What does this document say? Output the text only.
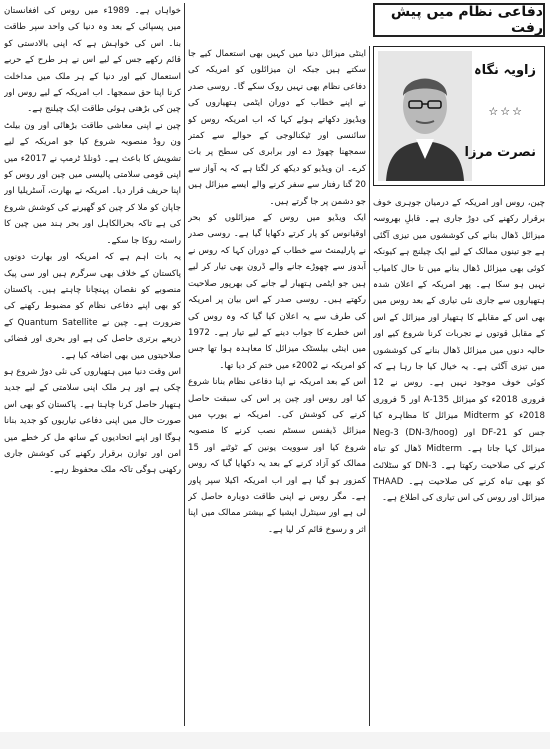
دفاعی نظام میں پیش رفت
زاویہ نگاہ
☆☆☆
نصرت مرزا

چین، روس اور امریکہ کے درمیان جوہری خوف برقرار رکھنے کی دوڑ جاری ہے۔ قابلِ بھروسہ میزائل ڈھال بنانے کی کوششوں میں تیزی آگئی ہے جو تینوں ممالک کے لیے ایک چیلنج ہے کیونکہ کوئی بھی میزائل ڈھال بنانے میں تا حال کامیاب نہیں ہو سکا ہے۔ پھر امریکہ کے اعلان شدہ ہتھیاروں سے جاری نئی تیاری کے بعد روس میں بھی اس کے مقابلے کا ہتھیار اور میزائل کے اس کے مقابل قوتوں نے تجربات کرنا شروع کیے اور حالیہ دنوں میں میزائل ڈھال بنانے کی کوششوں میں تیزی آگئی ہے۔ یہ خیال کیا جا رہا ہے کہ کوئی خوف موجود نہیں ہے۔ روس نے 12 فروری 2018ء کو میزائل A-135 اور 5 فروری 2018ء کو Midterm میزائل کا مظاہرہ کیا جس کو DF-21 اور Neg-3 (DN-3/hoog) میزائل کہا جاتا ہے۔ Midterm ڈھال کو تباہ کرنے کی صلاحیت رکھتا ہے۔ DN-3 کو سٹلائٹ کو بھی تباہ کرنے کی صلاحیت ہے۔ THAAD میزائل اور روس کی اس تیاری کی اطلاع ہے۔

اینٹی میزائل دنیا میں کہیں بھی استعمال کیے جا سکتے ہیں جبکہ ان میزائلوں کو امریکہ کی دفاعی نظام بھی نہیں روک سکے گا۔ روسی صدر نے اپنے خطاب کے دوران ایٹمی ہتھیاروں کی ویڈیوز دکھاتے ہوئے کہا کہ اب امریکہ روس کو سائنسی اور ٹیکنالوجی کے حوالے سے کمتر سمجھنا چھوڑ دے اور برابری کی سطح پر بات کرے۔ ان ویڈیو کو دیکھ کر لگتا ہے کہ یہ آواز سے 20 گنا رفتار سے سفر کرنے والے ایسے میزائل ہیں جو دشمن پر جا گرتے ہیں۔

ایک ویڈیو میں روس کے میزائلوں کو بحر اوقیانوس کو پار کرتے دکھایا گیا ہے۔ روسی صدر نے پارلیمنٹ سے خطاب کے دوران کہا کہ روس نے آبدوز سے چھوڑے جانے والے ڈرون بھی تیار کر لیے ہیں جو ایٹمی ہتھیار لے جانے کی بھرپور صلاحیت رکھتے ہیں۔ روسی صدر کے اس بیان پر امریکہ کی طرف سے یہ اعلان کیا گیا کہ وہ روس کی اس خطرے کا جواب دینے کے لیے تیار ہے۔ 1972 میں اینٹی بیلسٹک میزائل کا معاہدہ ہوا تھا جس کو امریکہ نے 2002ء میں ختم کر دیا تھا۔

اس کے بعد امریکہ نے اپنا دفاعی نظام بنانا شروع کیا اور روس اور چین پر اس کی سبقت حاصل کرنے کی کوشش کی۔ امریکہ نے یورپ میں میزائل ڈیفنس سسٹم نصب کرنے کا منصوبہ شروع کیا اور سوویت یونین کے ٹوٹنے اور 15 ممالک کو آزاد کرنے کے بعد یہ دکھایا گیا کہ روس کمزور ہو گیا ہے اور اب امریکہ اکیلا سپر پاور ہے۔ مگر روس نے اپنی طاقت دوبارہ حاصل کر لی ہے اور سینٹرل ایشیا کے بیشتر ممالک میں اپنا اثر و رسوخ قائم کر لیا ہے۔

خواہاں ہے۔ 1989ء میں روس کی افغانستان میں پسپائی کے بعد وہ دنیا کی واحد سپر طاقت بنا۔ اس کی خواہش ہے کہ اپنی بالادستی کو قائم رکھے جس کے لیے اس نے ہر طرح کے حربے استعمال کیے اور دنیا کے ہر ملک میں مداخلت کرنا اپنا حق سمجھا۔ اب امریکہ کے لیے روس اور چین کی بڑھتی ہوئی طاقت ایک چیلنج ہے۔

چین نے اپنی معاشی طاقت بڑھائی اور ون بیلٹ ون روڈ منصوبہ شروع کیا جو امریکہ کے لیے تشویش کا باعث ہے۔ ڈونلڈ ٹرمپ نے 2017ء میں اپنی قومی سلامتی پالیسی میں چین اور روس کو اپنا حریف قرار دیا۔ امریکہ نے بھارت، آسٹریلیا اور جاپان کو ملا کر چین کو گھیرنے کی کوشش شروع کی ہے تاکہ بحرالکاہل اور بحر ہند میں چین کا راستہ روکا جا سکے۔

یہ بات اہم ہے کہ امریکہ اور بھارت دونوں پاکستان کے خلاف بھی سرگرم ہیں اور سی پیک منصوبے کو نقصان پہنچانا چاہتے ہیں۔ پاکستان کو بھی اپنے دفاعی نظام کو مضبوط رکھنے کی ضرورت ہے۔ چین نے Quantum Satellite کے ذریعے برتری حاصل کی ہے اور بحری اور فضائی صلاحیتوں میں بھی اضافہ کیا ہے۔

اس وقت دنیا میں ہتھیاروں کی نئی دوڑ شروع ہو چکی ہے اور ہر ملک اپنی سلامتی کے لیے جدید ہتھیار حاصل کرنا چاہتا ہے۔ پاکستان کو بھی اس صورت حال میں اپنی دفاعی تیاریوں کو جدید بنانا ہوگا اور اپنے اتحادیوں کے ساتھ مل کر خطے میں امن اور توازن برقرار رکھنے کی کوشش جاری رکھنی ہوگی تاکہ ملک محفوظ رہے۔
